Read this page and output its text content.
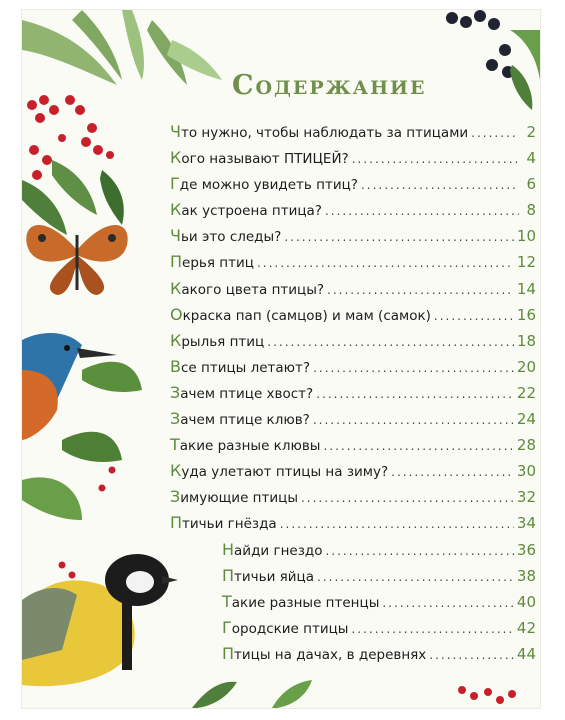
Содержание
Ч то нужно, чтобы наблюдать за птицами .....	2
К ого называют ПТИЦЕЙ? .....	4
Г де можно увидеть птиц? .....	6
К ак устроена птица? .....	8
Ч ьи это следы? .....	10
П ерья птиц .....	12
К акого цвета птицы? .....	14
О краска пап (самцов) и мам (самок) .....	16
К рылья птиц .....	18
В се птицы летают? .....	20
З ачем птице хвост? .....	22
З ачем птице клюв? .....	24
Т акие разные клювы .....	28
К уда улетают птицы на зиму? .....	30
З имующие птицы .....	32
П тичьи гнёзда .....	34
Н айди гнездо .....	36
П тичьи яйца .....	38
Т акие разные птенцы .....	40
Г ородские птицы .....	42
П тицы на дачах, в деревнях .....	44
